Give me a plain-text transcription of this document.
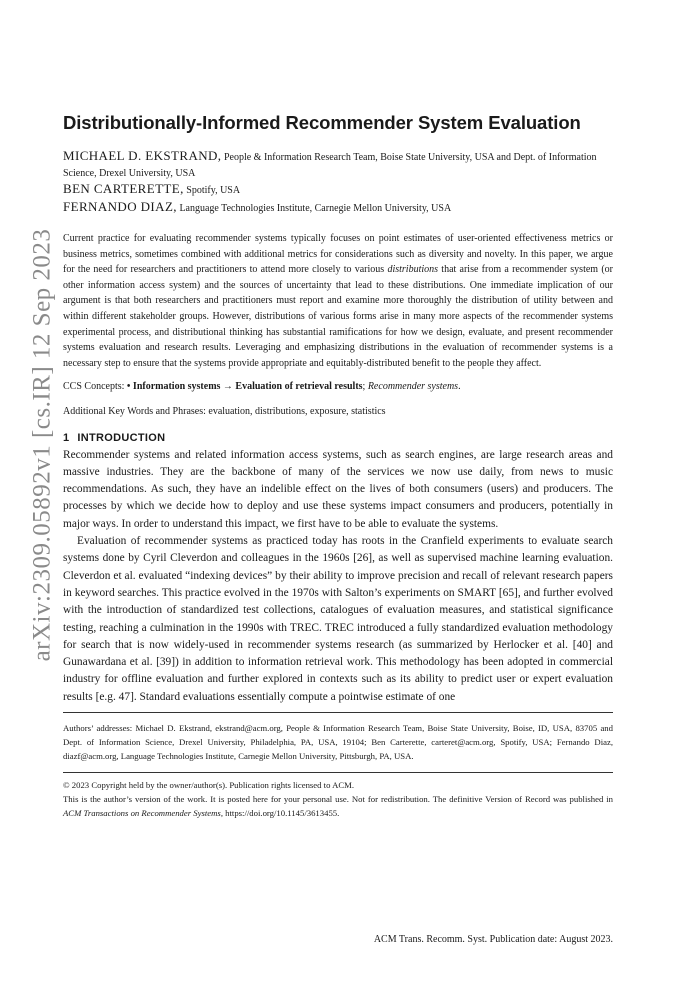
arXiv:2309.05892v1 [cs.IR] 12 Sep 2023
Distributionally-Informed Recommender System Evaluation

MICHAEL D. EKSTRAND, People & Information Research Team, Boise State University, USA and Dept. of Information Science, Drexel University, USA

BEN CARTERETTE, Spotify, USA

FERNANDO DIAZ, Language Technologies Institute, Carnegie Mellon University, USA

Current practice for evaluating recommender systems typically focuses on point estimates of user-oriented effectiveness metrics or business metrics, sometimes combined with additional metrics for considerations such as diversity and novelty. In this paper, we argue for the need for researchers and practitioners to attend more closely to various distributions that arise from a recommender system (or other information access system) and the sources of uncertainty that lead to these distributions. One immediate implication of our argument is that both researchers and practitioners must report and examine more thoroughly the distribution of utility between and within different stakeholder groups. However, distributions of various forms arise in many more aspects of the recommender systems experimental process, and distributional thinking has substantial ramifications for how we design, evaluate, and present recommender systems evaluation and research results. Leveraging and emphasizing distributions in the evaluation of recommender systems is a necessary step to ensure that the systems provide appropriate and equitably-distributed benefit to the people they affect.
CCS Concepts: • Information systems → Evaluation of retrieval results; Recommender systems.
Additional Key Words and Phrases: evaluation, distributions, exposure, statistics
1 INTRODUCTION

Recommender systems and related information access systems, such as search engines, are large research areas and massive industries. They are the backbone of many of the services we now use daily, from news to music recommendations. As such, they have an indelible effect on the lives of both consumers (users) and producers. The processes by which we decide how to deploy and use these systems impact consumers and producers, potentially in major ways. In order to understand this impact, we first have to be able to evaluate the systems.

Evaluation of recommender systems as practiced today has roots in the Cranfield experiments to evaluate search systems done by Cyril Cleverdon and colleagues in the 1960s [26], as well as supervised machine learning evaluation. Cleverdon et al. evaluated “indexing devices” by their ability to improve precision and recall of relevant research papers in keyword searches. This practice evolved in the 1970s with Salton’s experiments on SMART [65], and further evolved with the introduction of standardized test collections, catalogues of evaluation measures, and statistical significance testing, reaching a culmination in the 1990s with TREC. TREC introduced a fully standardized evaluation methodology for search that is now widely-used in recommender systems research (as summarized by Herlocker et al. [40] and Gunawardana et al. [39]) in addition to information retrieval work. This methodology has been adopted in commercial industry for offline evaluation and further explored in contexts such as its ability to predict user or expert evaluation results [e.g. 47]. Standard evaluations essentially compute a pointwise estimate of one

Authors’ addresses: Michael D. Ekstrand, ekstrand@acm.org, People & Information Research Team, Boise State University, Boise, ID, USA, 83705 and Dept. of Information Science, Drexel University, Philadelphia, PA, USA, 19104; Ben Carterette, carteret@acm.org, Spotify, USA; Fernando Diaz, diazf@acm.org, Language Technologies Institute, Carnegie Mellon University, Pittsburgh, PA, USA.
© 2023 Copyright held by the owner/author(s). Publication rights licensed to ACM.
This is the author’s version of the work. It is posted here for your personal use. Not for redistribution. The definitive Version of Record was published in ACM Transactions on Recommender Systems, https://doi.org/10.1145/3613455.
ACM Trans. Recomm. Syst. Publication date: August 2023.
